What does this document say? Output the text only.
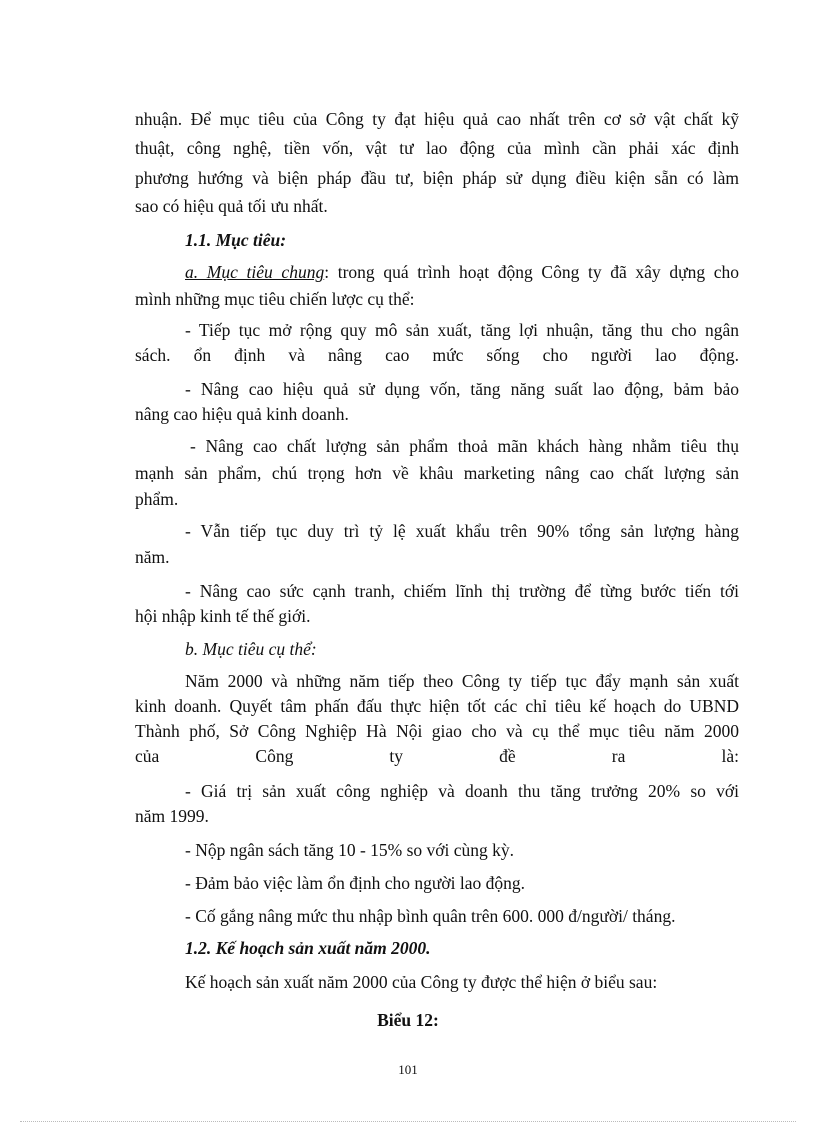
nhuận. Để mục tiêu của Công ty đạt hiệu quả cao nhất trên cơ sở vật chất kỹ
thuật, công nghệ, tiền vốn, vật tư lao động của mình cần phải xác định
phương hướng và biện pháp đầu tư, biện pháp sử dụng điều kiện sẵn có làm
sao có hiệu quả tối ưu nhất.
1.1. Mục tiêu:
a. Mục tiêu chung: trong quá trình hoạt động Công ty đã xây dựng cho
mình những mục tiêu chiến lược cụ thể:
- Tiếp tục mở rộng quy mô sản xuất, tăng lợi nhuận, tăng thu cho ngân
sách. ổn định và nâng cao mức sống cho người lao động.
- Nâng cao hiệu quả sử dụng vốn, tăng năng suất lao động, bảm bảo
nâng cao hiệu quả kinh doanh.
- Nâng cao chất lượng sản phẩm thoả mãn khách hàng nhằm tiêu thụ
mạnh sản phẩm, chú trọng hơn về khâu marketing nâng cao chất lượng sản
phẩm.
- Vẫn tiếp tục duy trì tỷ lệ xuất khẩu trên 90% tổng sản lượng hàng
năm.
- Nâng cao sức cạnh tranh, chiếm lĩnh thị trường để từng bước tiến tới
hội nhập kinh tế thế giới.
b. Mục tiêu cụ thể:
Năm 2000 và những năm tiếp theo Công ty tiếp tục đẩy mạnh sản xuất
kinh doanh. Quyết tâm phấn đấu thực hiện tốt các chỉ tiêu kế hoạch do UBND
Thành phố, Sở Công Nghiệp Hà Nội giao cho và cụ thể mục tiêu năm 2000
của Công ty đề ra là:
- Giá trị sản xuất công nghiệp và doanh thu tăng trưởng 20% so với
năm 1999.
- Nộp ngân sách tăng 10 - 15% so với cùng kỳ.
- Đảm bảo việc làm ổn định cho người lao động.
- Cố gắng nâng mức thu nhập bình quân trên 600. 000 đ/người/ tháng.
1.2. Kế hoạch sản xuất năm 2000.
Kế hoạch sản xuất năm 2000 của Công ty được thể hiện ở biểu sau:
Biểu 12:
101
